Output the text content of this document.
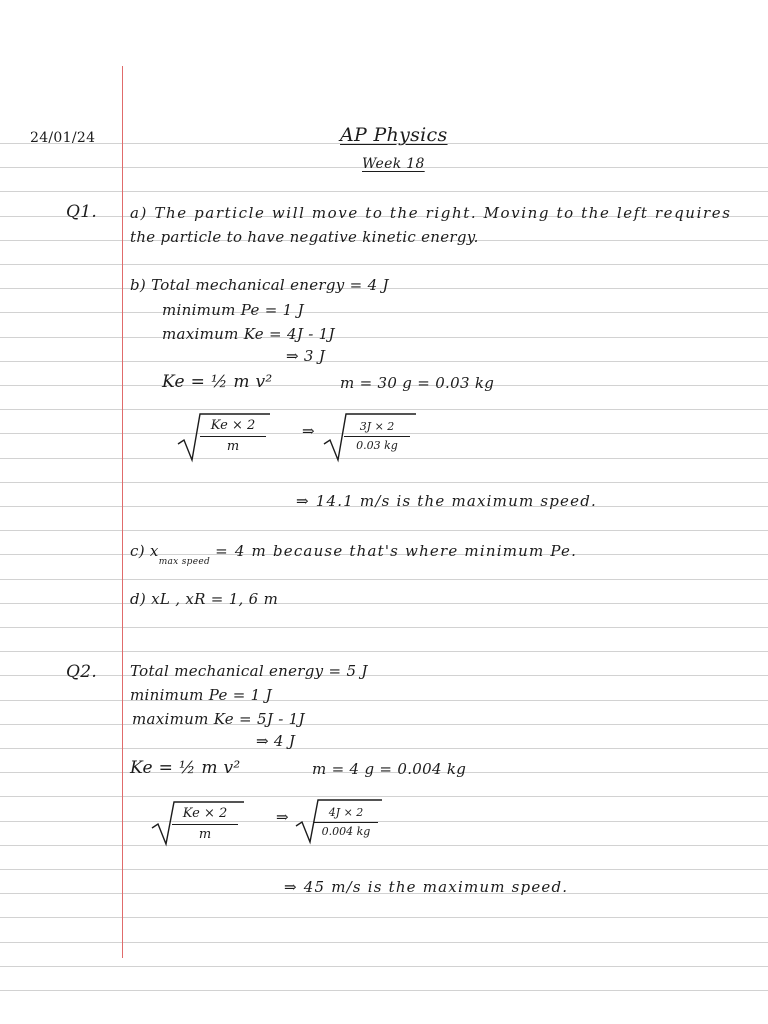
24/01/24	AP Physics
Week 18
Q1. a) The particle will move to the right. Moving to the left requires
the particle to have negative kinetic energy.
b) Total mechanical energy = 4 J
minimum Pe = 1 J
maximum Ke = 4J - 1J
⇒ 3 J
Ke = ½ m v²	m = 30 g = 0.03 kg
Ke × 2
m
⇒	3J × 2
0.03 kg
⇒ 14.1 m/s is the maximum speed.
c) $x_{max speed} = 4$ m because that's where minimum Pe.
d) xL , xR = 1, 6 m
Q2. Total mechanical energy = 5 J
minimum Pe = 1 J
maximum Ke = 5J - 1J
⇒ 4 J
Ke = ½ m v²	m = 4 g = 0.004 kg
Ke × 2
m
⇒	4J × 2
0.004 kg
⇒ 45 m/s is the maximum speed.
